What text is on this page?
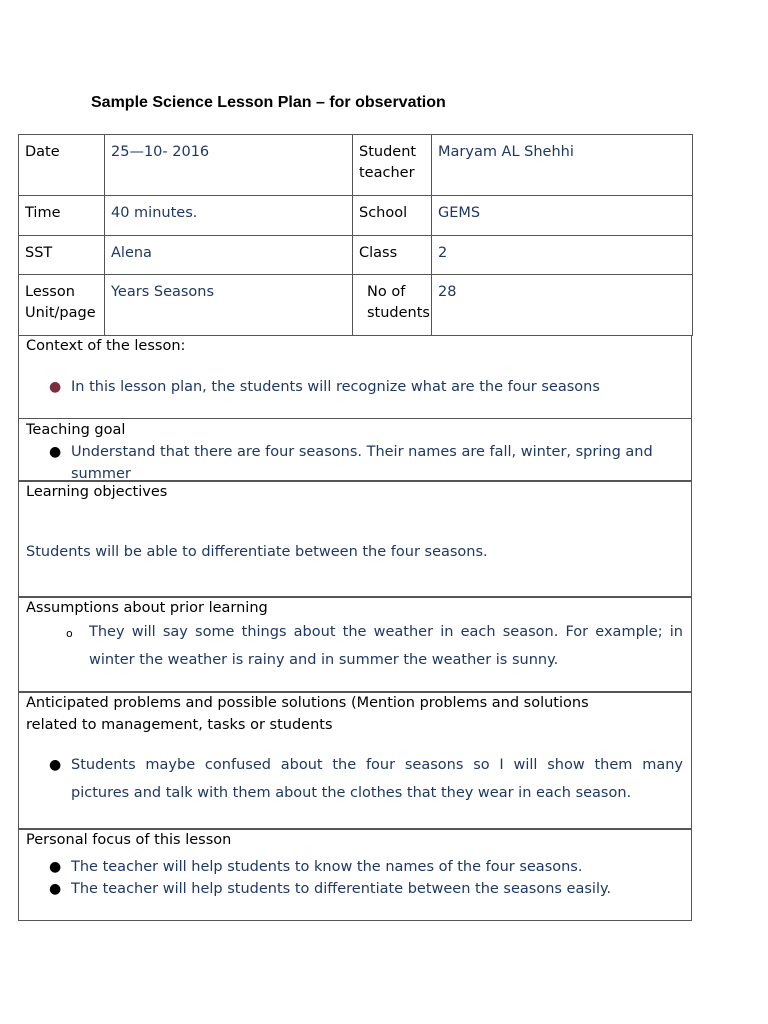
Sample Science Lesson Plan – for observation
Date	25—10- 2016	Student teacher	Maryam AL Shehhi
Time	40 minutes.	School	GEMS
SST	Alena	Class	2
Lesson Unit/page	Years Seasons	No of students	28
Context of the lesson:
● In this lesson plan, the students will recognize what are the four seasons
Teaching goal
● Understand that there are four seasons. Their names are fall, winter, spring and summer
Learning objectives
Students will be able to differentiate between the four seasons.
Assumptions about prior learning
o They will say some things about the weather in each season. For example; in winter the weather is rainy and in summer the weather is sunny.
Anticipated problems and possible solutions (Mention problems and solutions related to management, tasks or students
● Students maybe confused about the four seasons so I will show them many pictures and talk with them about the clothes that they wear in each season.
Personal focus of this lesson
● The teacher will help students to know the names of the four seasons.
● The teacher will help students to differentiate between the seasons easily.
